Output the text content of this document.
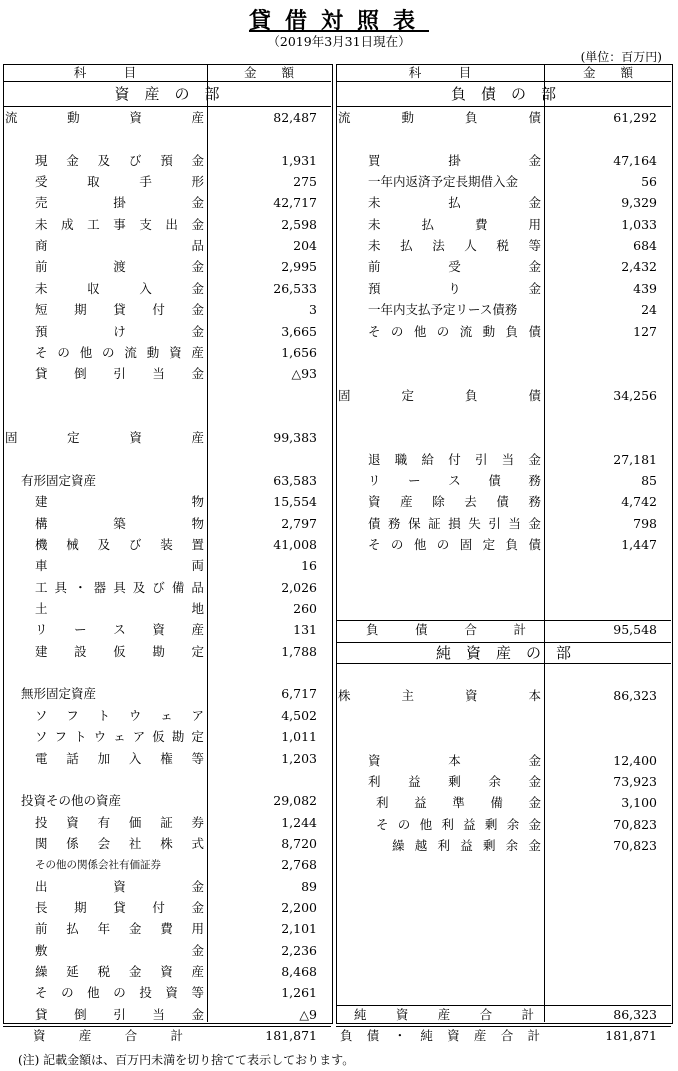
貸借対照表
（2019年3月31日現在）
(単位：百万円)
科　　　目	金　　額	科　　　目	金　　額
資　産　の　部	負　債　の　部
流	動	資	産	82,487
現 金 及 び 預 金	1,931
受	取	手	形	275
売	掛	金	42,717
未 成 工 事 支 出 金	2,598
商	品	204
前	渡	金	2,995
未	収	入	金	26,533
短 期 貸 付 金	3
預	け	金	3,665
そ の 他 の 流 動 資 産	1,656
貸 倒 引 当 金	△93
固	定	資	産	99,383
有形固定資産	63,583
建	物	15,554
構	築	物	2,797
機 械 及 び 装 置	41,008
車	両	16
工 具 ・ 器 具 及 び 備 品	2,026
土	地	260
リ ー ス 資 産	131
建 設 仮 勘 定	1,788
無形固定資産	6,717
ソ フ ト ウ ェ ア	4,502
ソ フ ト ウ ェ ア 仮 勘 定	1,011
電 話 加 入 権 等	1,203
投資その他の資産	29,082
投 資 有 価 証 券	1,244
関 係 会 社 株 式	8,720
その他の関係会社有価証券	2,768
出	資	金	89
長 期 貸 付 金	2,200
前 払 年 金 費 用	2,101
敷	金	2,236
繰 延 税 金 資 産	8,468
そ の 他 の 投 資 等	1,261
貸 倒 引 当 金	△9
流	動	負	債	61,292
買	掛	金	47,164
一年内返済予定長期借入金	56
未	払	金	9,329
未	払	費	用	1,033
未 払 法 人 税 等	684
前	受	金	2,432
預	り	金	439
一年内支払予定リース債務	24
そ の 他 の 流 動 負 債	127
固	定	負	債	34,256
退 職 給 付 引 当 金	27,181
リ ー ス 債 務	85
資 産 除 去 債 務	4,742
債 務 保 証 損 失 引 当 金	798
そ の 他 の 固 定 負 債	1,447
負	債	合	計	95,548
純　資　産　の　部
株	主	資	本	86,323
資	本	金	12,400
利 益 剰 余 金	73,923
利 益 準 備 金	3,100
そ の 他 利 益 剰 余 金	70,823
繰 越 利 益 剰 余 金	70,823
純 資 産 合 計	86,323
資	産	合	計	181,871 負 債 ・ 純 資 産 合 計	181,871
(注) 記載金額は、百万円未満を切り捨てて表示しております。
